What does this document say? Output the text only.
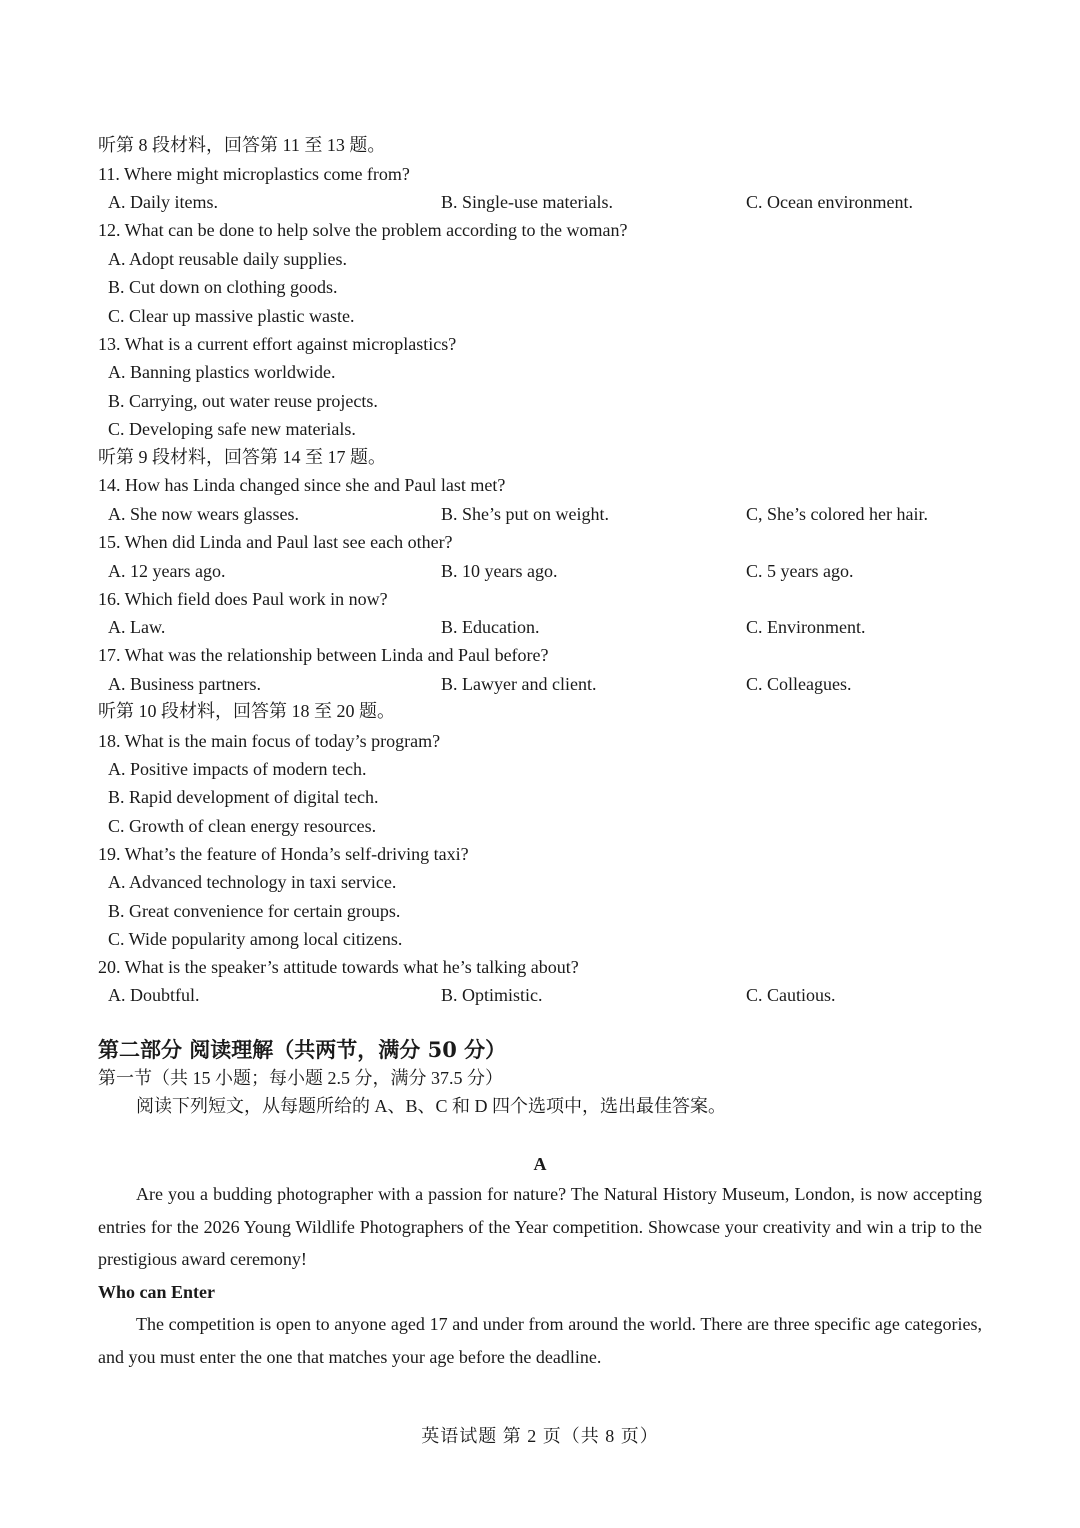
听第 8 段材料，回答第 11 至 13 题。
11. Where might microplastics come from?
A. Daily items.	B. Single-use materials.	C. Ocean environment.
12. What can be done to help solve the problem according to the woman?
A. Adopt reusable daily supplies.
B. Cut down on clothing goods.
C. Clear up massive plastic waste.
13. What is a current effort against microplastics?
A. Banning plastics worldwide.
B. Carrying, out water reuse projects.
C. Developing safe new materials.
听第 9 段材料，回答第 14 至 17 题。
14. How has Linda changed since she and Paul last met?
A. She now wears glasses.	B. She’s put on weight.	C, She’s colored her hair.
15. When did Linda and Paul last see each other?
A. 12 years ago.	B. 10 years ago.	C. 5 years ago.
16. Which field does Paul work in now?
A. Law.	B. Education.	C. Environment.
17. What was the relationship between Linda and Paul before?
A. Business partners.	B. Lawyer and client.	C. Colleagues.
听第 10 段材料，回答第 18 至 20 题。
18. What is the main focus of today’s program?
A. Positive impacts of modern tech.
B. Rapid development of digital tech.
C. Growth of clean energy resources.
19. What’s the feature of Honda’s self-driving taxi?
A. Advanced technology in taxi service.
B. Great convenience for certain groups.
C. Wide popularity among local citizens.
20. What is the speaker’s attitude towards what he’s talking about?
A. Doubtful.	B. Optimistic.	C. Cautious.
第二部分 阅读理解（共两节，满分 50 分）
第一节（共 15 小题；每小题 2.5 分，满分 37.5 分）
阅读下列短文，从每题所给的 A、B、C 和 D 四个选项中，选出最佳答案。
A

Are you a budding photographer with a passion for nature? The Natural History Museum, London, is now accepting entries for the 2026 Young Wildlife Photographers of the Year competition. Showcase your creativity and win a trip to the prestigious award ceremony!

Who can Enter

The competition is open to anyone aged 17 and under from around the world. There are three specific age categories, and you must enter the one that matches your age before the deadline.

英语试题 第 2 页（共 8 页）
